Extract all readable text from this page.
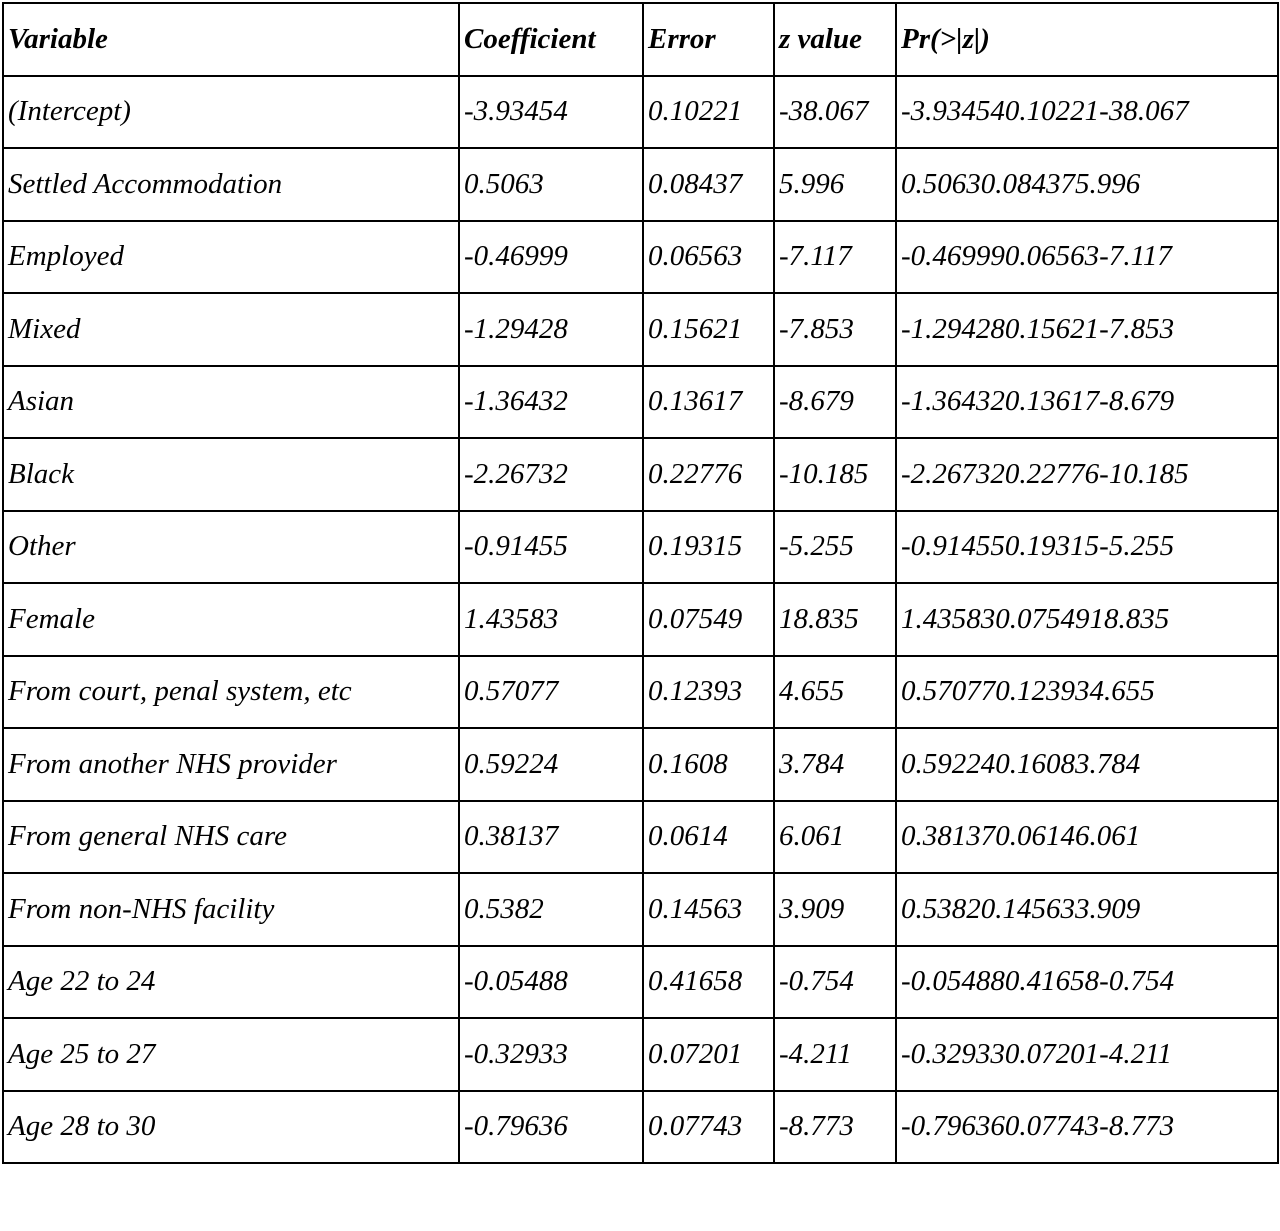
Variable	Coefficient	Error	z value	Pr(>|z|)
(Intercept)	-3.93454	0.10221	-38.067	-3.934540.10221-38.067
Settled Accommodation	0.5063	0.08437	5.996	0.50630.084375.996
Employed	-0.46999	0.06563	-7.117	-0.469990.06563-7.117
Mixed	-1.29428	0.15621	-7.853	-1.294280.15621-7.853
Asian	-1.36432	0.13617	-8.679	-1.364320.13617-8.679
Black	-2.26732	0.22776	-10.185	-2.267320.22776-10.185
Other	-0.91455	0.19315	-5.255	-0.914550.19315-5.255
Female	1.43583	0.07549	18.835	1.435830.0754918.835
From court, penal system, etc	0.57077	0.12393	4.655	0.570770.123934.655
From another NHS provider	0.59224	0.1608	3.784	0.592240.16083.784
From general NHS care	0.38137	0.0614	6.061	0.381370.06146.061
From non-NHS facility	0.5382	0.14563	3.909	0.53820.145633.909
Age 22 to 24	-0.05488	0.41658	-0.754	-0.054880.41658-0.754
Age 25 to 27	-0.32933	0.07201	-4.211	-0.329330.07201-4.211
Age 28 to 30	-0.79636	0.07743	-8.773	-0.796360.07743-8.773
